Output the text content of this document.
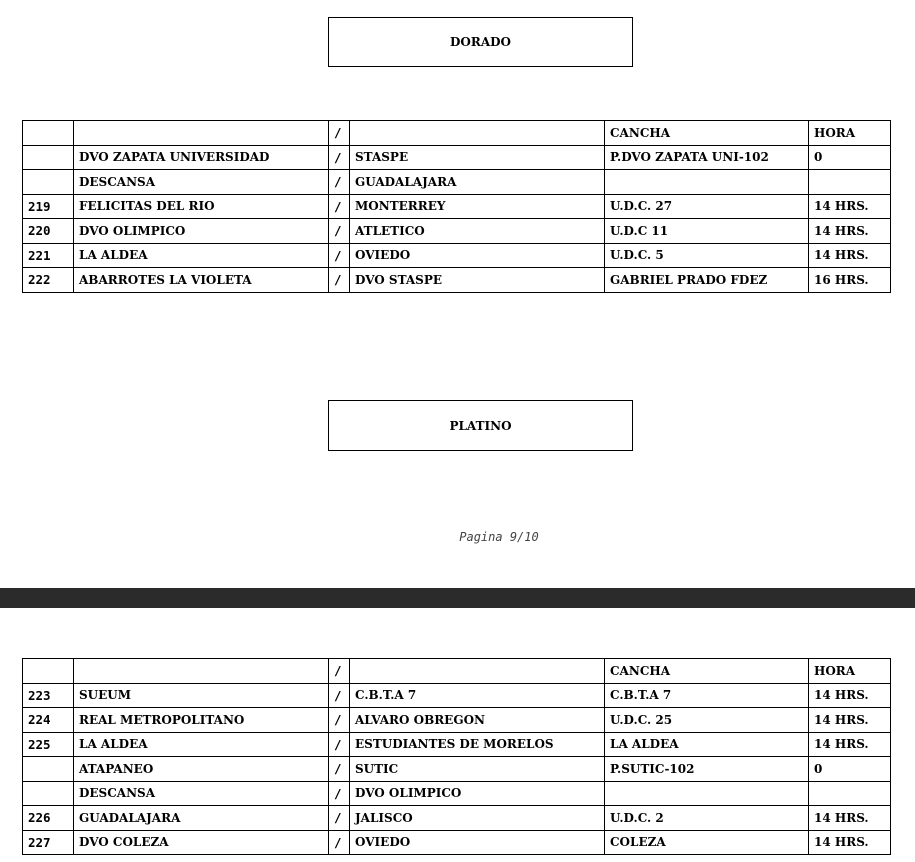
DORADO
		/		CANCHA	HORA
	DVO ZAPATA UNIVERSIDAD	/	STASPE	P.DVO ZAPATA UNI-102	0
	DESCANSA	/	GUADALAJARA		
219	FELICITAS DEL RIO	/	MONTERREY	U.D.C. 27	14 HRS.
220	DVO OLIMPICO	/	ATLETICO	U.D.C 11	14 HRS.
221	LA ALDEA	/	OVIEDO	U.D.C. 5	14 HRS.
222	ABARROTES LA VIOLETA	/	DVO STASPE	GABRIEL PRADO FDEZ	16 HRS.
PLATINO
Pagina 9/10
		/		CANCHA	HORA
223	SUEUM	/	C.B.T.A 7	C.B.T.A 7	14 HRS.
224	REAL METROPOLITANO	/	ALVARO OBREGON	U.D.C. 25	14 HRS.
225	LA ALDEA	/	ESTUDIANTES DE MORELOS	LA ALDEA	14 HRS.
	ATAPANEO	/	SUTIC	P.SUTIC-102	0
	DESCANSA	/	DVO OLIMPICO		
226	GUADALAJARA	/	JALISCO	U.D.C. 2	14 HRS.
227	DVO COLEZA	/	OVIEDO	COLEZA	14 HRS.
